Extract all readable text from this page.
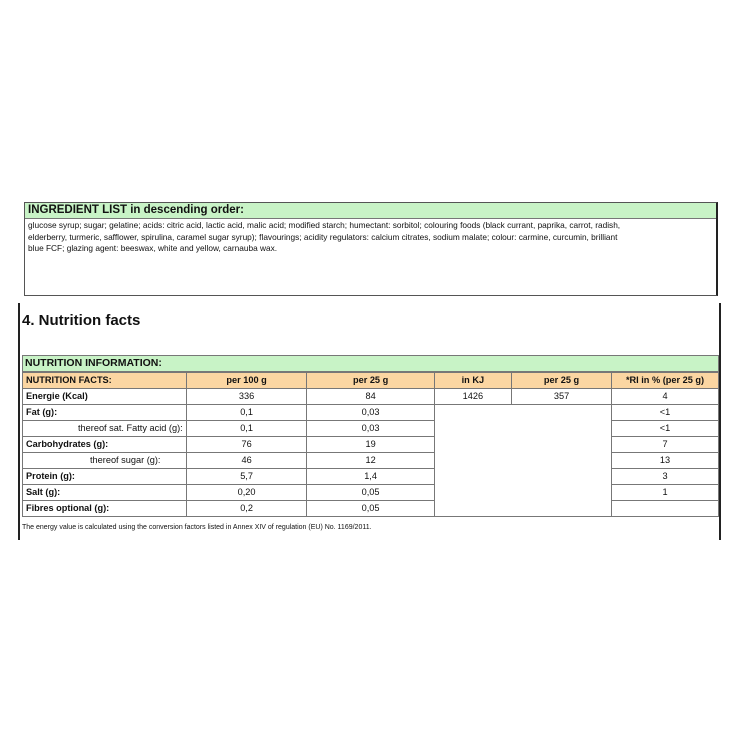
INGREDIENT LIST in descending order:
glucose syrup; sugar; gelatine; acids: citric acid, lactic acid, malic acid; modified starch; humectant: sorbitol; colouring foods (black currant, paprika, carrot, radish,
elderberry, turmeric, safflower, spirulina, caramel sugar syrup); flavourings; acidity regulators: calcium citrates, sodium malate; colour: carmine, curcumin, brilliant
blue FCF; glazing agent: beeswax, white and yellow, carnauba wax.
4. Nutrition facts
NUTRITION INFORMATION:
NUTRITION FACTS:	per 100 g	per 25 g	in KJ	per 25 g	*RI in % (per 25 g)
Energie (Kcal)	336	84	1426	357	4
Fat (g):	0,1	0,03			<1
thereof sat. Fatty acid (g):	0,1	0,03			<1
Carbohydrates (g):	76	19			7
thereof sugar (g):	46	12			13
Protein (g):	5,7	1,4			3
Salt (g):	0,20	0,05			1
Fibres optional (g):	0,2	0,05			
The energy value is calculated using the conversion factors listed in Annex XIV of regulation (EU) No. 1169/2011.
